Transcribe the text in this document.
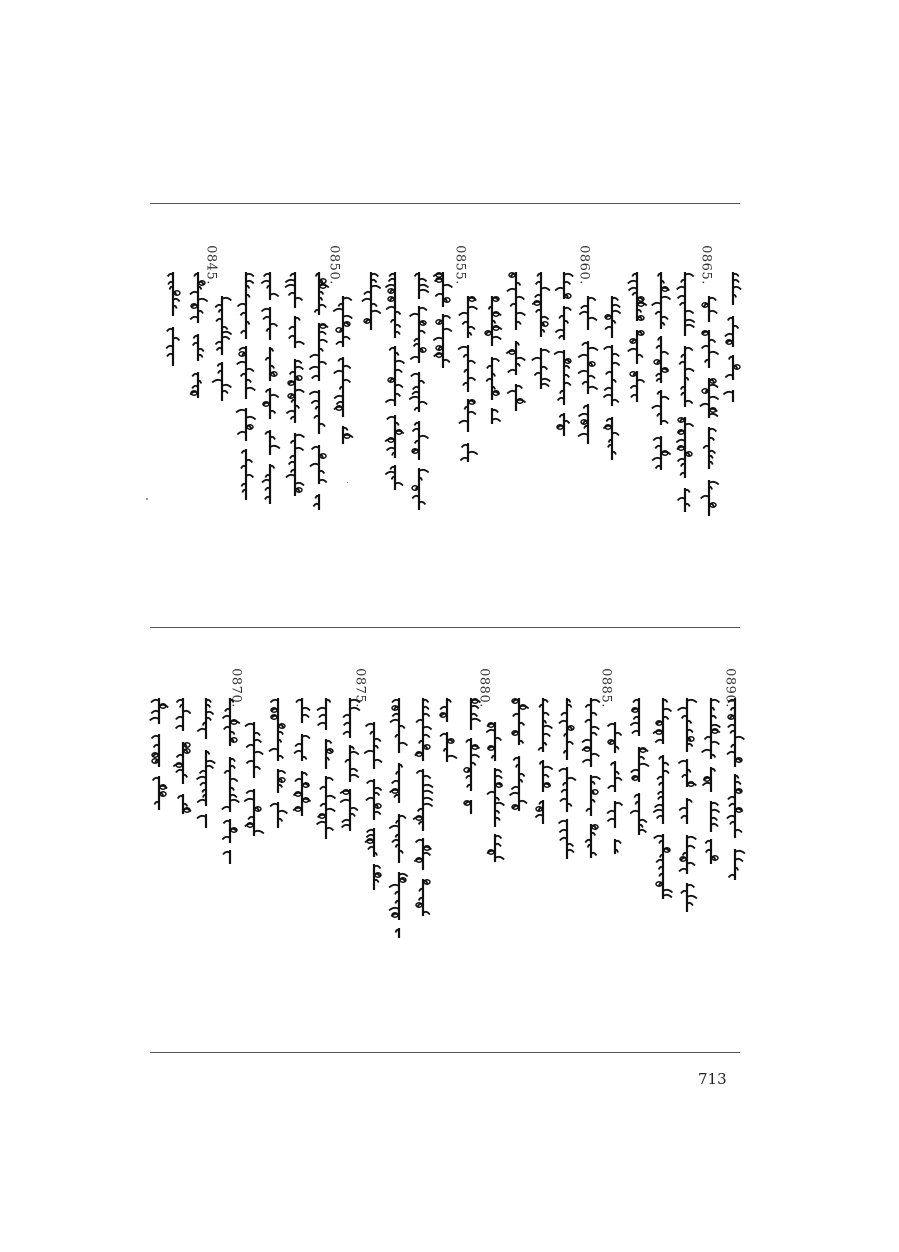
0865.
0860.
0855.
0850.
0845.
0890.
0885.
0880.
0875.
0870.
713
